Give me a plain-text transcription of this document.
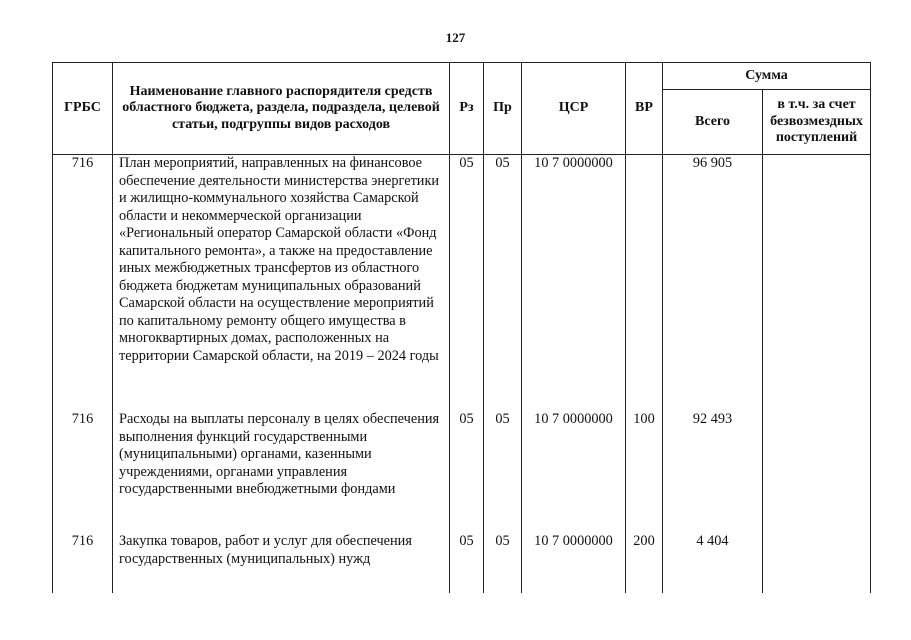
127
ГРБС	Наименование главного распорядителя средств областного бюджета, раздела, подраздела, целевой статьи, подгруппы видов расходов	Рз	Пр	ЦСР	ВР	Сумма	
						Всего	в т.ч. за счет безвозмездных поступлений
716	План мероприятий, направленных на финансовое обеспечение деятельности министерства энергетики и жилищно-коммунального хозяйства Самарской области и некоммерческой организации «Региональный оператор Самарской области «Фонд капитального ремонта», а также на предоставление иных межбюджетных трансфертов из областного бюджета бюджетам муниципальных образований Самарской области на осуществление мероприятий по капитальному ремонту общего имущества в многоквартирных домах, расположенных на территории Самарской области, на 2019 – 2024 годы	05	05	10 7 0000000		96 905	
716	Расходы на выплаты персоналу в целях обеспечения выполнения функций государственными (муниципальными) органами, казенными учреждениями, органами управления государственными внебюджетными фондами	05	05	10 7 0000000	100	92 493	
716	Закупка товаров, работ и услуг для обеспечения государственных (муниципальных) нужд	05	05	10 7 0000000	200	4 404	
